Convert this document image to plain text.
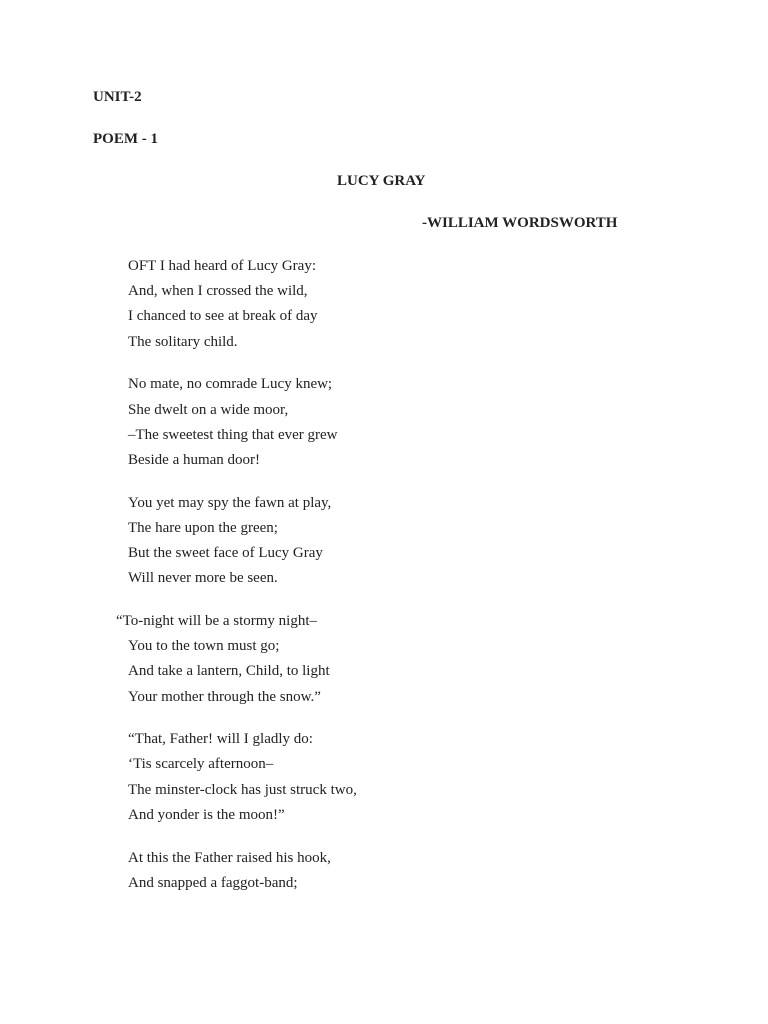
UNIT-2
POEM - 1
LUCY GRAY
-WILLIAM WORDSWORTH
OFT I had heard of Lucy Gray:
And, when I crossed the wild,
I chanced to see at break of day
The solitary child.
No mate, no comrade Lucy knew;
She dwelt on a wide moor,
–The sweetest thing that ever grew
Beside a human door!
You yet may spy the fawn at play,
The hare upon the green;
But the sweet face of Lucy Gray
Will never more be seen.
“To-night will be a stormy night–
You to the town must go;
And take a lantern, Child, to light
Your mother through the snow.”
“That, Father! will I gladly do:
‘Tis scarcely afternoon–
The minster-clock has just struck two,
And yonder is the moon!”
At this the Father raised his hook,
And snapped a faggot-band;
